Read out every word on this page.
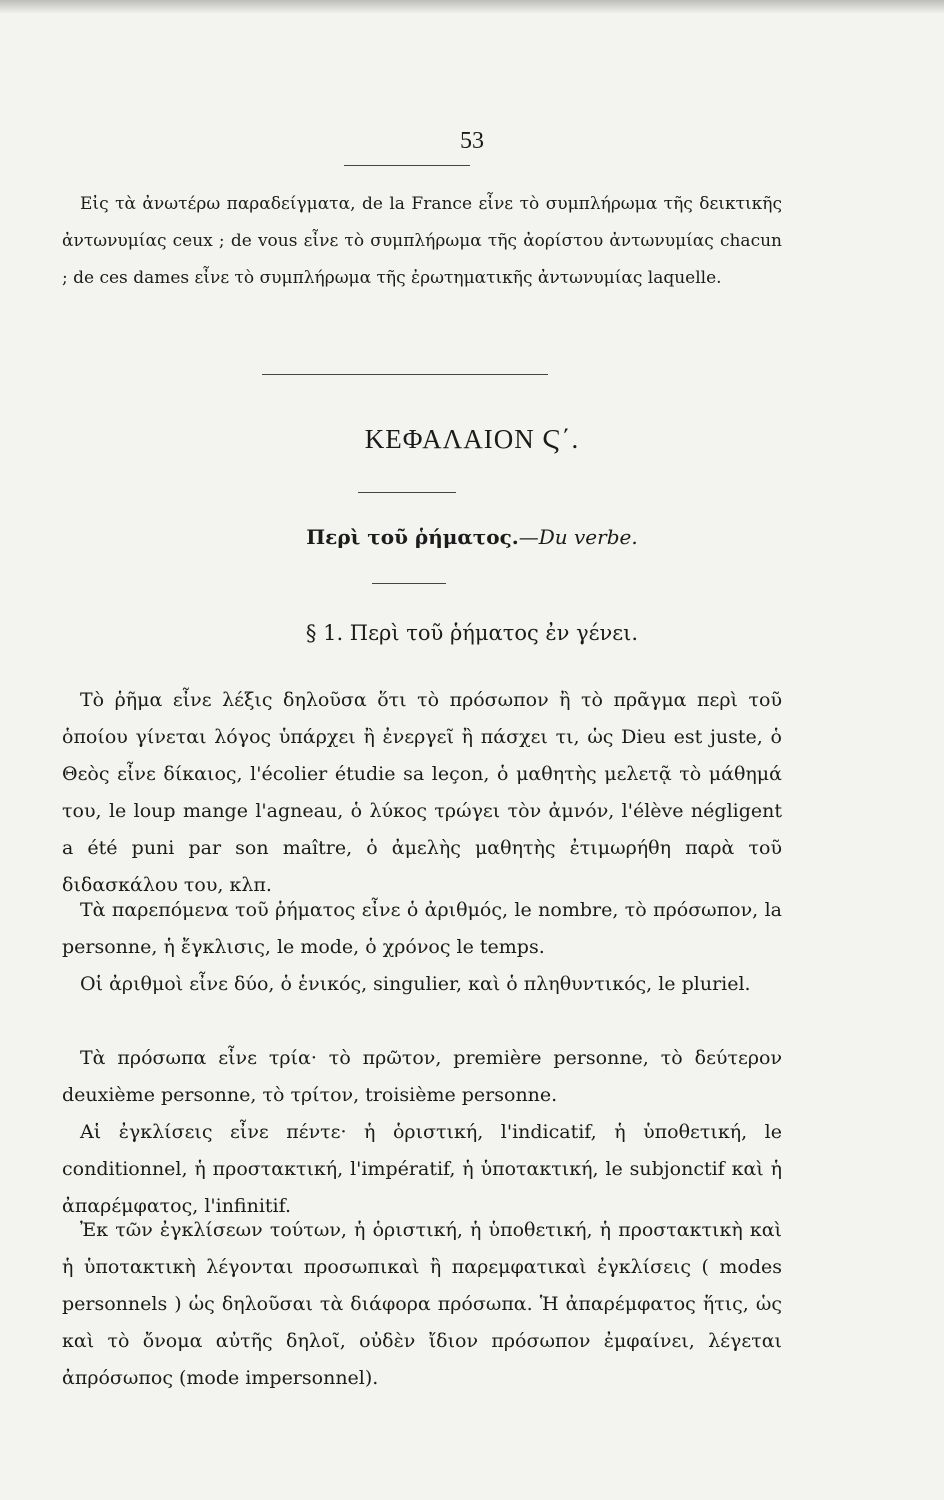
53
Εἰς τὰ ἀνωτέρω παραδείγματα, de la France εἶνε τὸ συμπλήρωμα τῆς δεικτικῆς ἀντωνυμίας ceux ; de vous εἶνε τὸ συμπλήρωμα τῆς ἀορίστου ἀντωνυμίας chacun ; de ces dames εἶνε τὸ συμπλήρωμα τῆς ἐρωτηματικῆς ἀντωνυμίας laquelle.
ΚΕΦΑΛΑΙΟΝ Ϛ΄.
Περὶ τοῦ ῥήματος.—Du verbe.
§ 1. Περὶ τοῦ ῥήματος ἐν γένει.
Τὸ ῥῆμα εἶνε λέξις δηλοῦσα ὅτι τὸ πρόσωπον ἢ τὸ πρᾶγμα περὶ τοῦ ὁποίου γίνεται λόγος ὑπάρχει ἢ ἐνεργεῖ ἢ πάσχει τι, ὡς Dieu est juste, ὁ Θεὸς εἶνε δίκαιος, l'écolier étudie sa leçon, ὁ μαθητὴς μελετᾷ τὸ μάθημά του, le loup mange l'agneau, ὁ λύκος τρώγει τὸν ἀμνόν, l'élève négligent a été puni par son maître, ὁ ἀμελὴς μαθητὴς ἐτιμωρήθη παρὰ τοῦ διδασκάλου του, κλπ.
Τὰ παρεπόμενα τοῦ ῥήματος εἶνε ὁ ἀριθμός, le nombre, τὸ πρόσωπον, la personne, ἡ ἔγκλισις, le mode, ὁ χρόνος le temps.
Οἱ ἀριθμοὶ εἶνε δύο, ὁ ἑνικός, singulier, καὶ ὁ πληθυντικός, le pluriel.
Τὰ πρόσωπα εἶνε τρία· τὸ πρῶτον, première personne, τὸ δεύτερον deuxième personne, τὸ τρίτον, troisième personne.
Αἱ ἐγκλίσεις εἶνε πέντε· ἡ ὁριστική, l'indicatif, ἡ ὑποθετική, le conditionnel, ἡ προστακτική, l'impératif, ἡ ὑποτακτική, le subjonctif καὶ ἡ ἀπαρέμφατος, l'infinitif.
Ἐκ τῶν ἐγκλίσεων τούτων, ἡ ὁριστική, ἡ ὑποθετική, ἡ προστακτικὴ καὶ ἡ ὑποτακτικὴ λέγονται προσωπικαὶ ἢ παρεμφατικαὶ ἐγκλίσεις ( modes personnels ) ὡς δηλοῦσαι τὰ διάφορα πρόσωπα. Ἡ ἀπαρέμφατος ἥτις, ὡς καὶ τὸ ὄνομα αὐτῆς δηλοῖ, οὐδὲν ἴδιον πρόσωπον ἐμφαίνει, λέγεται ἀπρόσωπος (mode impersonnel).
